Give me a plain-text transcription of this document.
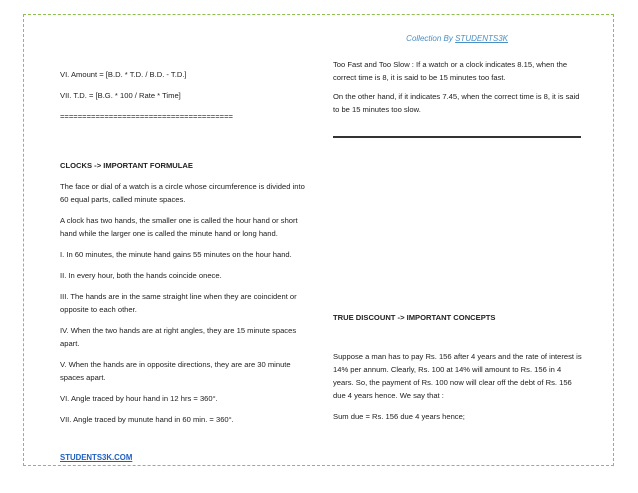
Collection By STUDENTS3K

VI. Amount = [B.D. * T.D. / B.D. - T.D.]

VII. T.D. = [B.G. * 100 / Rate * Time]

=======================================

CLOCKS -> IMPORTANT FORMULAE

The face or dial of a watch is a circle whose circumference is divided into 60 equal parts, called minute spaces.

A clock has two hands, the smaller one is called the hour hand or short hand while the larger one is called the minute hand or long hand.

I. In 60 minutes, the minute hand gains 55 minutes on the hour hand.

II. In every hour, both the hands coincide onece.

III. The hands are in the same straight line when they are coincident or opposite to each other.

IV. When the two hands are at right angles, they are 15 minute spaces apart.

V. When the hands are in opposite directions, they are are 30 minute spaces apart.

VI. Angle traced by hour hand in 12 hrs = 360°.

VII. Angle traced by munute hand in 60 min. = 360°.

Too Fast and Too Slow : If a watch or a clock indicates 8.15, when the correct time is 8, it is said to be 15 minutes too fast.

On the other hand, if it indicates 7.45, when the correct time is 8, it is said to be 15 minutes too slow.

TRUE DISCOUNT -> IMPORTANT CONCEPTS

Suppose a man has to pay Rs. 156 after 4 years and the rate of interest is 14% per annum. Clearly, Rs. 100 at 14% will amount to Rs. 156 in 4 years. So, the payment of Rs. 100 now will clear off the debt of Rs. 156 due 4 years hence. We say that :

Sum due = Rs. 156 due 4 years hence;

STUDENTS3K.COM
